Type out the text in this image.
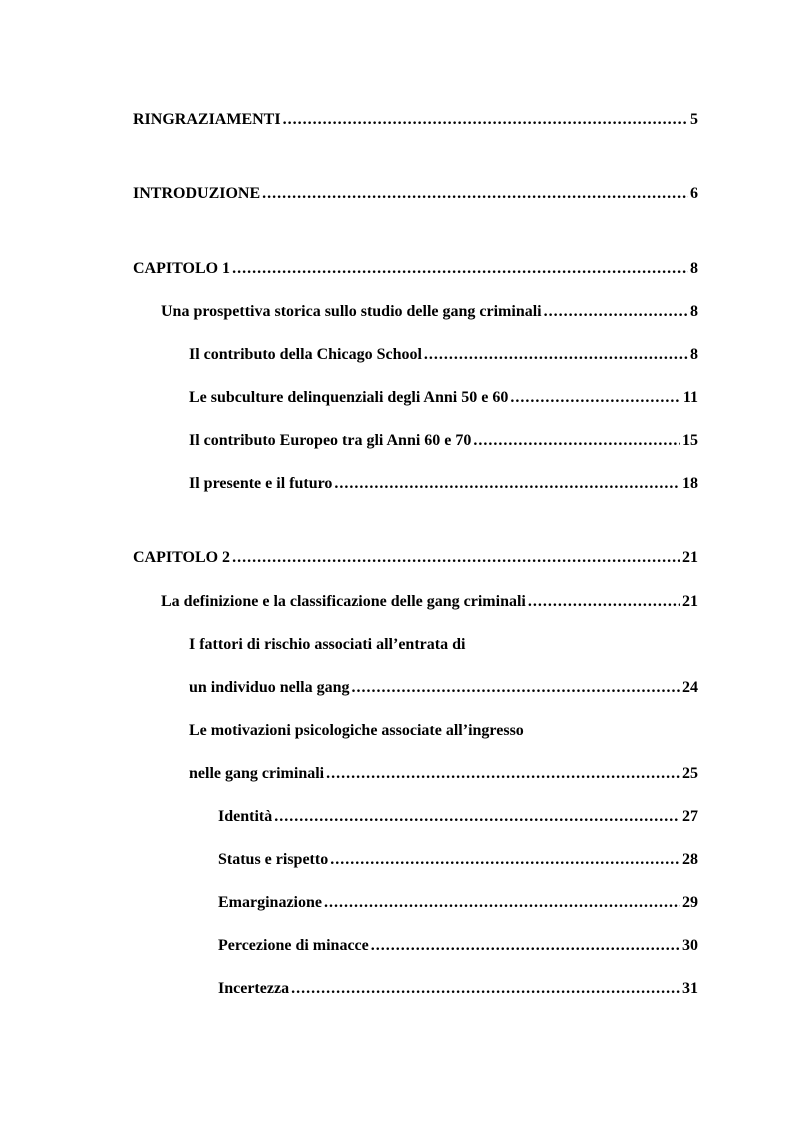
RINGRAZIAMENTI .....	5
INTRODUZIONE .....	6
CAPITOLO 1 .....	8
Una prospettiva storica sullo studio delle gang criminali .....	8
Il contributo della Chicago School .....	8
Le subculture delinquenziali degli Anni 50 e 60 .....	11
Il contributo Europeo tra gli Anni 60 e 70 .....	15
Il presente e il futuro .....	18
CAPITOLO 2 .....	21
La definizione e la classificazione delle gang criminali .....	21
I fattori di rischio associati all’entrata di
un individuo nella gang .....	24
Le motivazioni psicologiche associate all’ingresso
nelle gang criminali .....	25
Identità .....	27
Status e rispetto .....	28
Emarginazione .....	29
Percezione di minacce .....	30
Incertezza .....	31
